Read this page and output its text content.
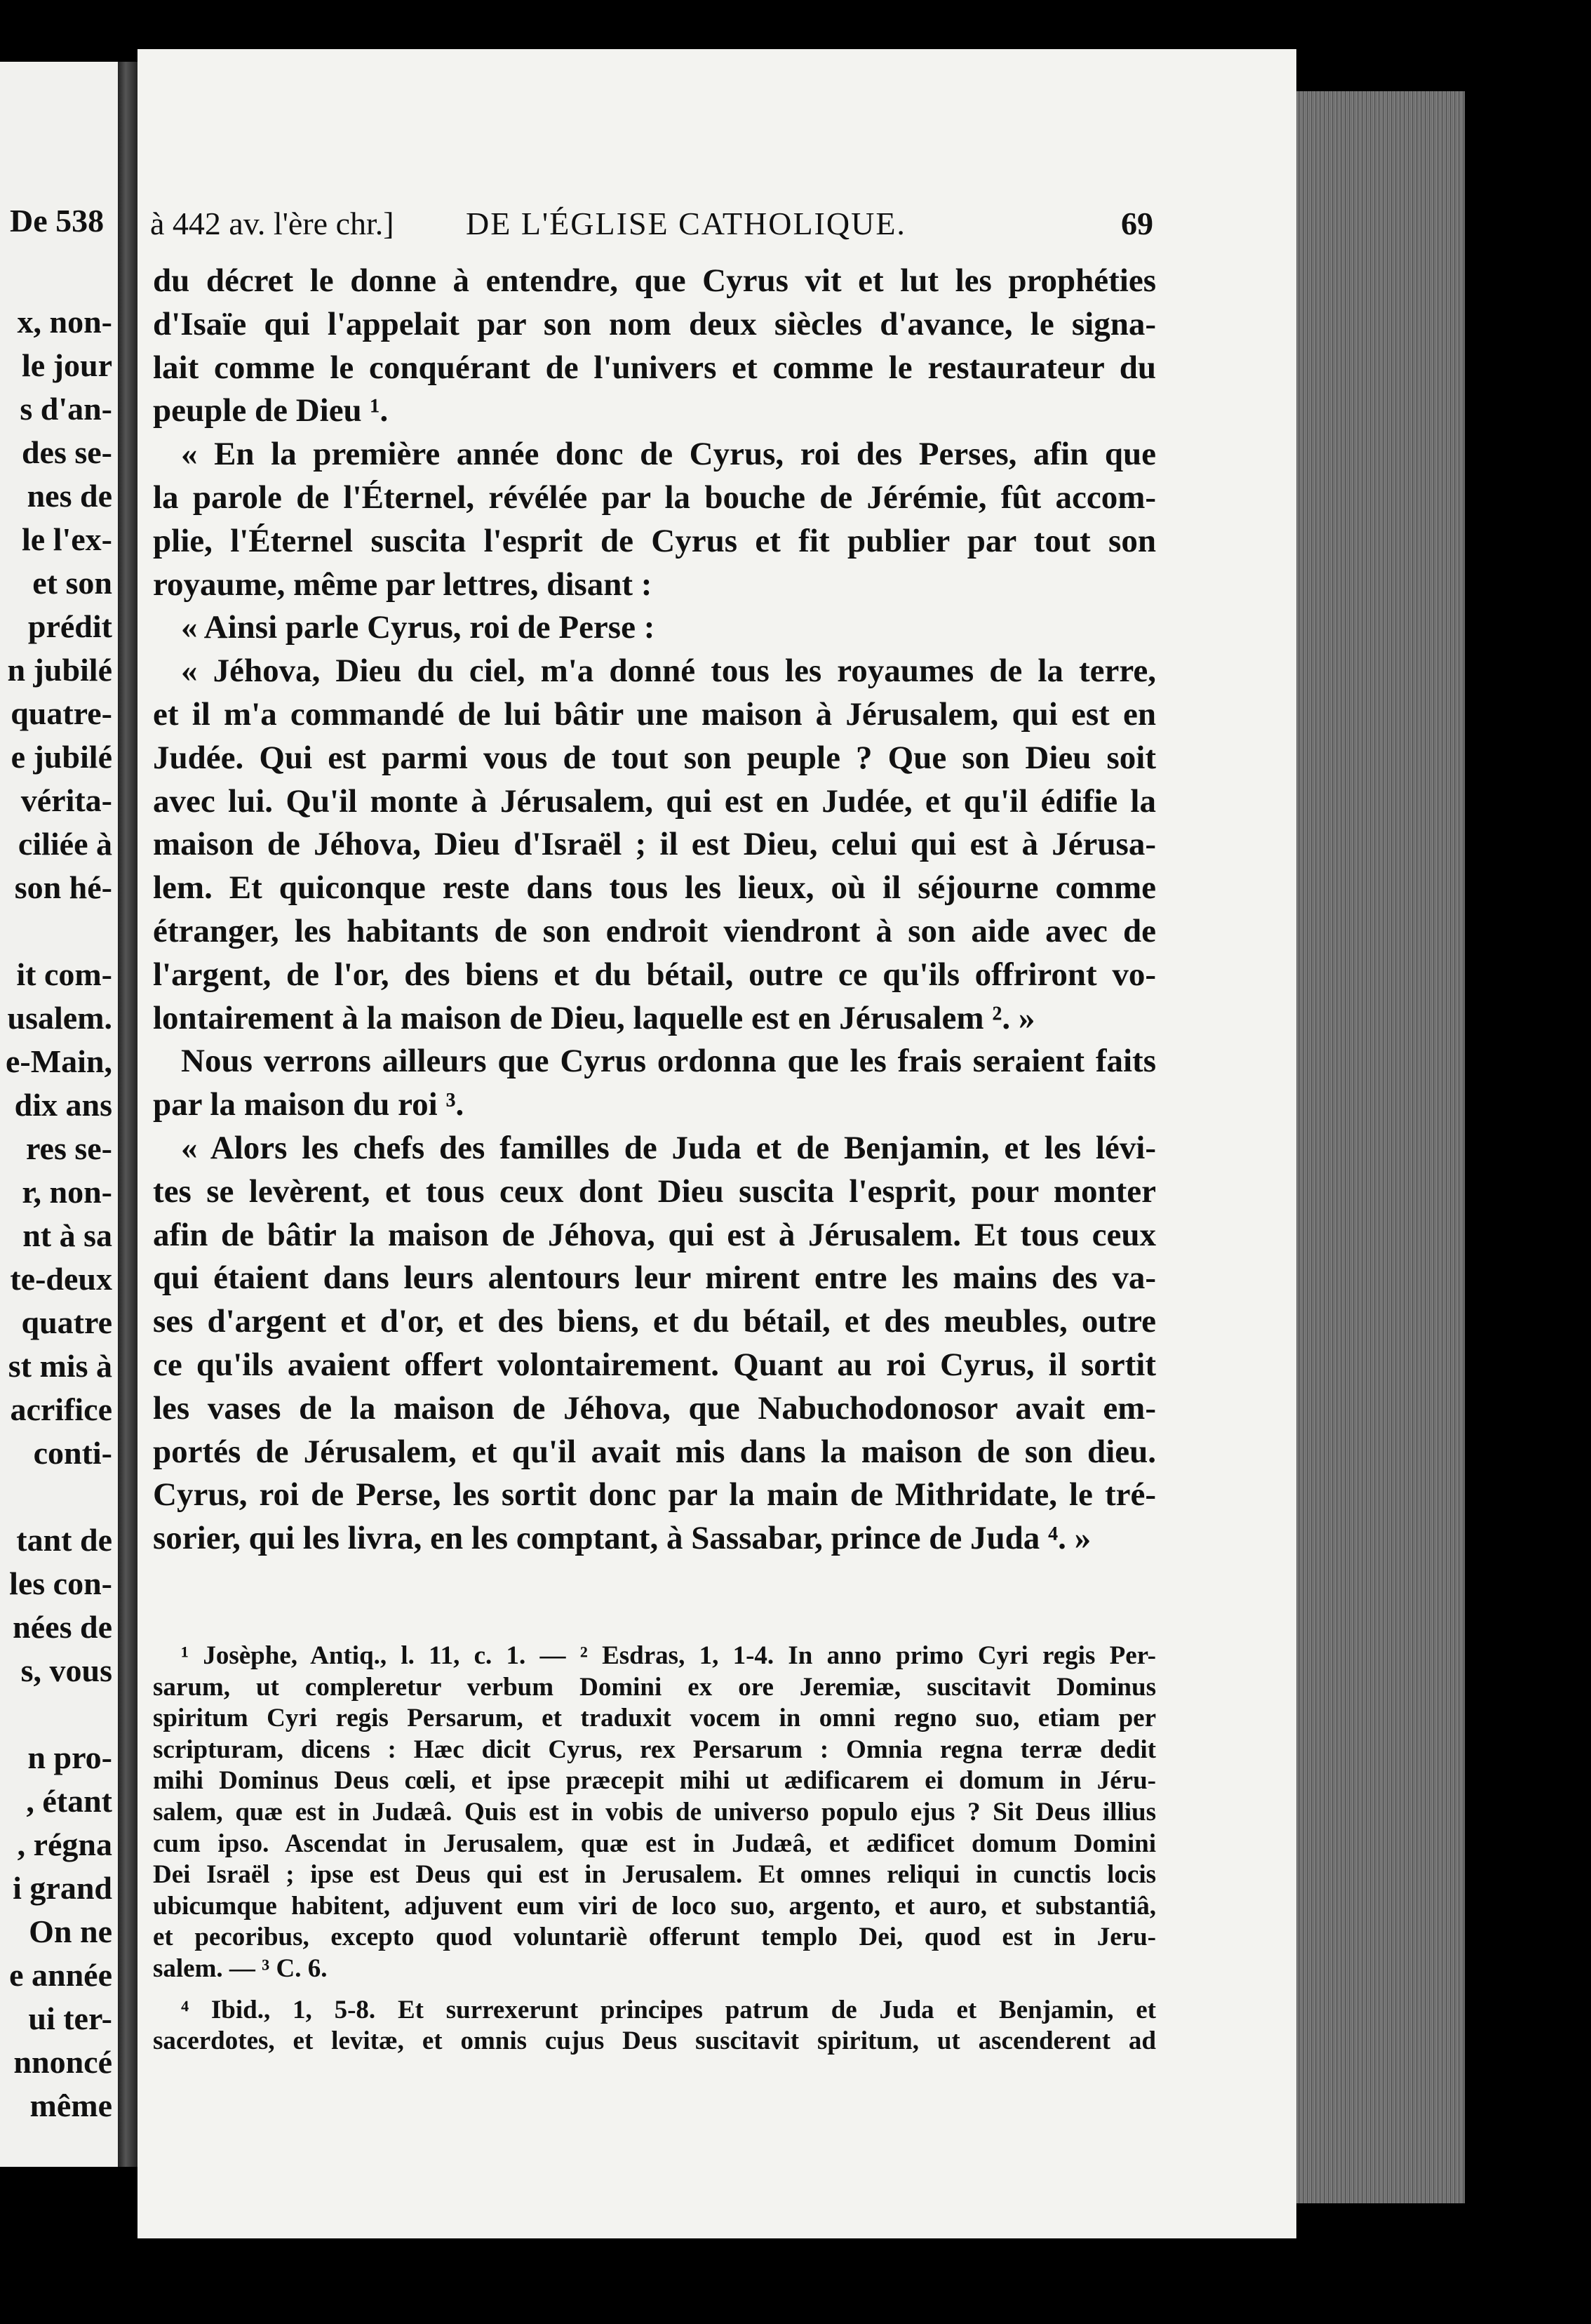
De 538
x, non-
le jour
s d'an-
des se-
nes de
le l'ex-
et son
prédit
n jubilé
quatre-
e jubilé
vérita-
ciliée à
son hé-
it com-
usalem.
e-Main,
dix ans
res se-
r, non-
nt à sa
te-deux
quatre
st mis à
acrifice
conti-
tant de
les con-
nées de
s, vous
n pro-
, étant
, régna
i grand
On ne
e année
ui ter-
nnoncé
même
à 442 av. l'ère chr.] DE L'ÉGLISE CATHOLIQUE.	69
du décret le donne à entendre, que Cyrus vit et lut les prophéties
d'Isaïe qui l'appelait par son nom deux siècles d'avance, le signa-
lait comme le conquérant de l'univers et comme le restaurateur du
peuple de Dieu ¹.
« En la première année donc de Cyrus, roi des Perses, afin que
la parole de l'Éternel, révélée par la bouche de Jérémie, fût accom-
plie, l'Éternel suscita l'esprit de Cyrus et fit publier par tout son
royaume, même par lettres, disant :
« Ainsi parle Cyrus, roi de Perse :
« Jéhova, Dieu du ciel, m'a donné tous les royaumes de la terre,
et il m'a commandé de lui bâtir une maison à Jérusalem, qui est en
Judée. Qui est parmi vous de tout son peuple ? Que son Dieu soit
avec lui. Qu'il monte à Jérusalem, qui est en Judée, et qu'il édifie la
maison de Jéhova, Dieu d'Israël ; il est Dieu, celui qui est à Jérusa-
lem. Et quiconque reste dans tous les lieux, où il séjourne comme
étranger, les habitants de son endroit viendront à son aide avec de
l'argent, de l'or, des biens et du bétail, outre ce qu'ils offriront vo-
lontairement à la maison de Dieu, laquelle est en Jérusalem ². »
Nous verrons ailleurs que Cyrus ordonna que les frais seraient faits
par la maison du roi ³.
« Alors les chefs des familles de Juda et de Benjamin, et les lévi-
tes se levèrent, et tous ceux dont Dieu suscita l'esprit, pour monter
afin de bâtir la maison de Jéhova, qui est à Jérusalem. Et tous ceux
qui étaient dans leurs alentours leur mirent entre les mains des va-
ses d'argent et d'or, et des biens, et du bétail, et des meubles, outre
ce qu'ils avaient offert volontairement. Quant au roi Cyrus, il sortit
les vases de la maison de Jéhova, que Nabuchodonosor avait em-
portés de Jérusalem, et qu'il avait mis dans la maison de son dieu.
Cyrus, roi de Perse, les sortit donc par la main de Mithridate, le tré-
sorier, qui les livra, en les comptant, à Sassabar, prince de Juda ⁴. »
¹ Josèphe, Antiq., l. 11, c. 1. — ² Esdras, 1, 1-4. In anno primo Cyri regis Per-
sarum, ut compleretur verbum Domini ex ore Jeremiæ, suscitavit Dominus
spiritum Cyri regis Persarum, et traduxit vocem in omni regno suo, etiam per
scripturam, dicens : Hæc dicit Cyrus, rex Persarum : Omnia regna terræ dedit
mihi Dominus Deus cœli, et ipse præcepit mihi ut ædificarem ei domum in Jéru-
salem, quæ est in Judæâ. Quis est in vobis de universo populo ejus ? Sit Deus illius
cum ipso. Ascendat in Jerusalem, quæ est in Judæâ, et ædificet domum Domini
Dei Israël ; ipse est Deus qui est in Jerusalem. Et omnes reliqui in cunctis locis
ubicumque habitent, adjuvent eum viri de loco suo, argento, et auro, et substantiâ,
et pecoribus, excepto quod voluntariè offerunt templo Dei, quod est in Jeru-
salem. — ³ C. 6.
⁴ Ibid., 1, 5-8. Et surrexerunt principes patrum de Juda et Benjamin, et
sacerdotes, et levitæ, et omnis cujus Deus suscitavit spiritum, ut ascenderent ad
